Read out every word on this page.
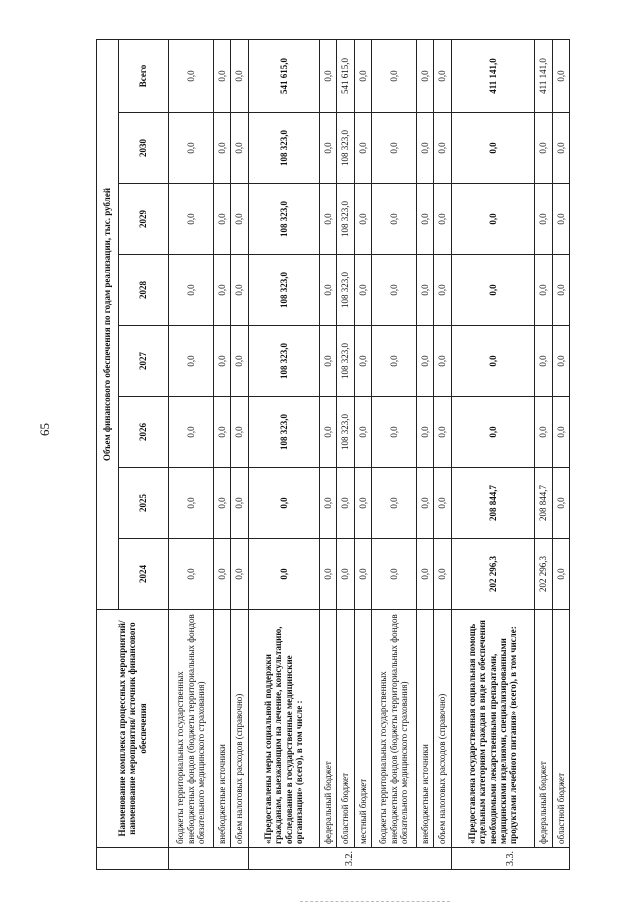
65
	Наименование комплекса процессных мероприятий/наименование мероприятия/ источник финансового обеспечения	Объем финансового обеспечения по годам реализации, тыс. рублей							
		2024	2025	2026	2027	2028	2029	2030	Всего
	бюджеты территориальных государственных внебюджетных фондов (бюджеты территориальных фондов обязательного медицинского страхования)	0,0	0,0	0,0	0,0	0,0	0,0	0,0	0,0
	внебюджетные источники	0,0	0,0	0,0	0,0	0,0	0,0	0,0	0,0
	объем налоговых расходов (справочно)	0,0	0,0	0,0	0,0	0,0	0,0	0,0	0,0
3.2.	«Предоставлены меры социальной поддержки гражданам, выезжающим на лечение, консультацию, обследование в государственные медицинские организации» (всего), в том числе :	0,0	0,0	108 323,0	108 323,0	108 323,0	108 323,0	108 323,0	541 615,0
	федеральный бюджет	0,0	0,0	0,0	0,0	0,0	0,0	0,0	0,0
	областной бюджет	0,0	0,0	108 323,0	108 323,0	108 323,0	108 323,0	108 323,0	541 615,0
	местный бюджет	0,0	0,0	0,0	0,0	0,0	0,0	0,0	0,0
	бюджеты территориальных государственных внебюджетных фондов (бюджеты территориальных фондов обязательного медицинского страхования)	0,0	0,0	0,0	0,0	0,0	0,0	0,0	0,0
	внебюджетные источники	0,0	0,0	0,0	0,0	0,0	0,0	0,0	0,0
	объем налоговых расходов (справочно)	0,0	0,0	0,0	0,0	0,0	0,0	0,0	0,0
3.3.	«Предоставлена государственная социальная помощь отдельным категориям граждан в виде их обеспечения необходимыми лекарственными препаратами, медицинскими изделиями, специализированными продуктами лечебного питания» (всего), в том числе:	202 296,3	208 844,7	0,0	0,0	0,0	0,0	0,0	411 141,0
	федеральный бюджет	202 296,3	208 844,7	0,0	0,0	0,0	0,0	0,0	411 141,0
	областной бюджет	0,0	0,0	0,0	0,0	0,0	0,0	0,0	0,0
